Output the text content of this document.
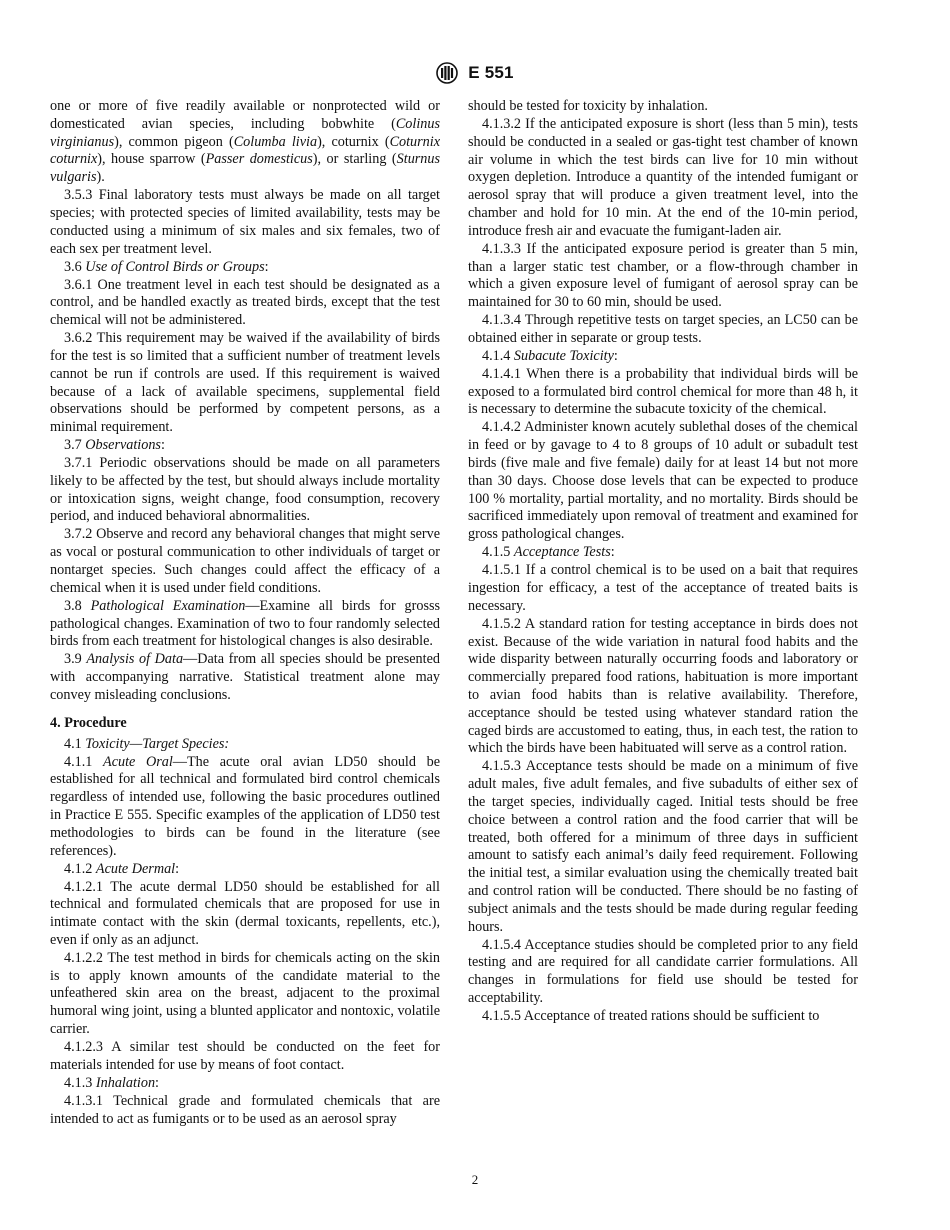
E 551

one or more of five readily available or nonprotected wild or domesticated avian species, including bobwhite (Colinus virginianus), common pigeon (Columba livia), coturnix (Coturnix coturnix), house sparrow (Passer domesticus), or starling (Sturnus vulgaris).

3.5.3 Final laboratory tests must always be made on all target species; with protected species of limited availability, tests may be conducted using a minimum of six males and six females, two of each sex per treatment level.

3.6 Use of Control Birds or Groups:

3.6.1 One treatment level in each test should be designated as a control, and be handled exactly as treated birds, except that the test chemical will not be administered.

3.6.2 This requirement may be waived if the availability of birds for the test is so limited that a sufficient number of treatment levels cannot be run if controls are used. If this requirement is waived because of a lack of available specimens, supplemental field observations should be performed by competent persons, as a minimal requirement.

3.7 Observations:

3.7.1 Periodic observations should be made on all parameters likely to be affected by the test, but should always include mortality or intoxication signs, weight change, food consumption, recovery period, and induced behavioral abnormalities.

3.7.2 Observe and record any behavioral changes that might serve as vocal or postural communication to other individuals of target or nontarget species. Such changes could affect the efficacy of a chemical when it is used under field conditions.

3.8 Pathological Examination—Examine all birds for grosss pathological changes. Examination of two to four randomly selected birds from each treatment for histological changes is also desirable.

3.9 Analysis of Data—Data from all species should be presented with accompanying narrative. Statistical treatment alone may convey misleading conclusions.

4. Procedure

4.1 Toxicity—Target Species:

4.1.1 Acute Oral—The acute oral avian LD50 should be established for all technical and formulated bird control chemicals regardless of intended use, following the basic procedures outlined in Practice E 555. Specific examples of the application of LD50 test methodologies to birds can be found in the literature (see references).

4.1.2 Acute Dermal:

4.1.2.1 The acute dermal LD50 should be established for all technical and formulated chemicals that are proposed for use in intimate contact with the skin (dermal toxicants, repellents, etc.), even if only as an adjunct.

4.1.2.2 The test method in birds for chemicals acting on the skin is to apply known amounts of the candidate material to the unfeathered skin area on the breast, adjacent to the proximal humoral wing joint, using a blunted applicator and nontoxic, volatile carrier.

4.1.2.3 A similar test should be conducted on the feet for materials intended for use by means of foot contact.

4.1.3 Inhalation:

4.1.3.1 Technical grade and formulated chemicals that are intended to act as fumigants or to be used as an aerosol spray

should be tested for toxicity by inhalation.

4.1.3.2 If the anticipated exposure is short (less than 5 min), tests should be conducted in a sealed or gas-tight test chamber of known air volume in which the test birds can live for 10 min without oxygen depletion. Introduce a quantity of the intended fumigant or aerosol spray that will produce a given treatment level, into the chamber and hold for 10 min. At the end of the 10-min period, introduce fresh air and evacuate the fumigant-laden air.

4.1.3.3 If the anticipated exposure period is greater than 5 min, than a larger static test chamber, or a flow-through chamber in which a given exposure level of fumigant of aerosol spray can be maintained for 30 to 60 min, should be used.

4.1.3.4 Through repetitive tests on target species, an LC50 can be obtained either in separate or group tests.

4.1.4 Subacute Toxicity:

4.1.4.1 When there is a probability that individual birds will be exposed to a formulated bird control chemical for more than 48 h, it is necessary to determine the subacute toxicity of the chemical.

4.1.4.2 Administer known acutely sublethal doses of the chemical in feed or by gavage to 4 to 8 groups of 10 adult or subadult test birds (five male and five female) daily for at least 14 but not more than 30 days. Choose dose levels that can be expected to produce 100 % mortality, partial mortality, and no mortality. Birds should be sacrificed immediately upon removal of treatment and examined for gross pathological changes.

4.1.5 Acceptance Tests:

4.1.5.1 If a control chemical is to be used on a bait that requires ingestion for efficacy, a test of the acceptance of treated baits is necessary.

4.1.5.2 A standard ration for testing acceptance in birds does not exist. Because of the wide variation in natural food habits and the wide disparity between naturally occurring foods and laboratory or commercially prepared food rations, habituation is more important to avian food habits than is relative availability. Therefore, acceptance should be tested using whatever standard ration the caged birds are accustomed to eating, thus, in each test, the ration to which the birds have been habituated will serve as a control ration.

4.1.5.3 Acceptance tests should be made on a minimum of five adult males, five adult females, and five subadults of either sex of the target species, individually caged. Initial tests should be free choice between a control ration and the food carrier that will be treated, both offered for a minimum of three days in sufficient amount to satisfy each animal’s daily feed requirement. Following the initial test, a similar evaluation using the chemically treated bait and control ration will be conducted. There should be no fasting of subject animals and the tests should be made during regular feeding hours.

4.1.5.4 Acceptance studies should be completed prior to any field testing and are required for all candidate carrier formulations. All changes in formulations for field use should be tested for acceptability.

4.1.5.5 Acceptance of treated rations should be sufficient to

2
